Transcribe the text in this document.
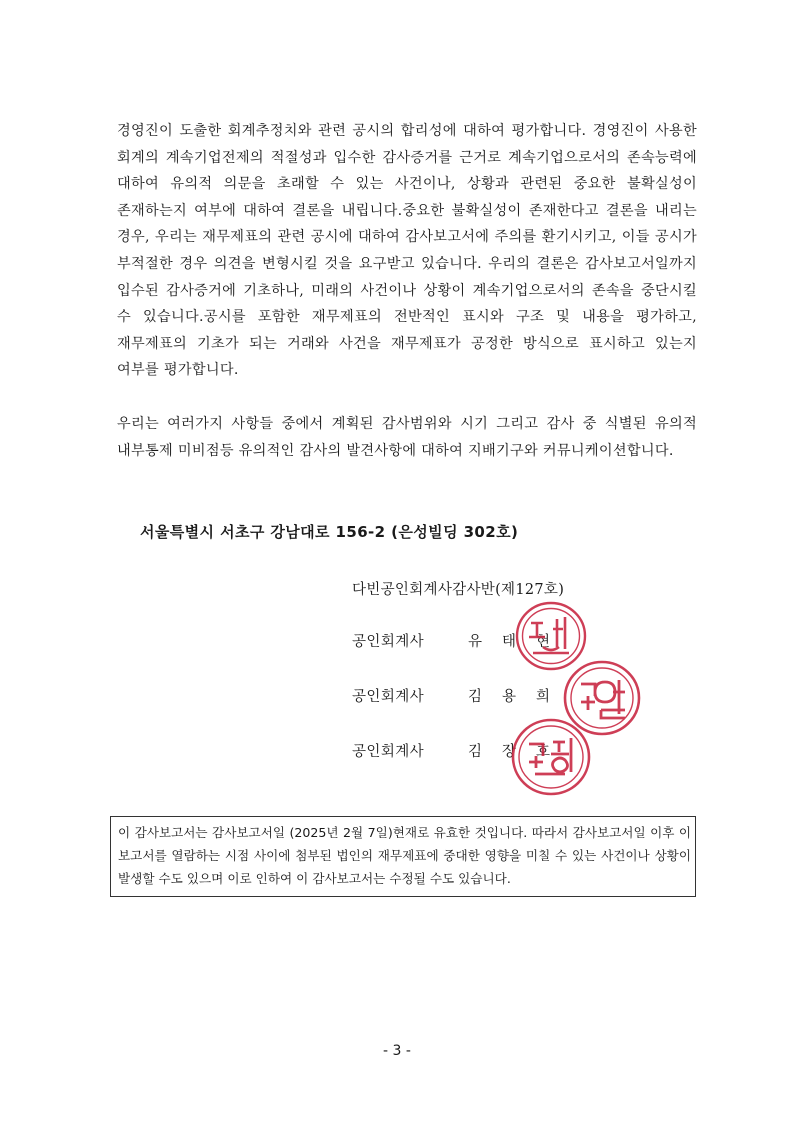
경영진이 도출한 회계추정치와 관련 공시의 합리성에 대하여 평가합니다. 경영진이 사용한 회계의 계속기업전제의 적절성과 입수한 감사증거를 근거로 계속기업으로서의 존속능력에 대하여 유의적 의문을 초래할 수 있는 사건이나, 상황과 관련된 중요한 불확실성이 존재하는지 여부에 대하여 결론을 내립니다.중요한 불확실성이 존재한다고 결론을 내리는 경우, 우리는 재무제표의 관련 공시에 대하여 감사보고서에 주의를 환기시키고, 이들 공시가 부적절한 경우 의견을 변형시킬 것을 요구받고 있습니다. 우리의 결론은 감사보고서일까지 입수된 감사증거에 기초하나, 미래의 사건이나 상황이 계속기업으로서의 존속을 중단시킬 수 있습니다.공시를 포함한 재무제표의 전반적인 표시와 구조 및 내용을 평가하고, 재무제표의 기초가 되는 거래와 사건을 재무제표가 공정한 방식으로 표시하고 있는지 여부를 평가합니다.

우리는 여러가지 사항들 중에서 계획된 감사범위와 시기 그리고 감사 중 식별된 유의적 내부통제 미비점등 유의적인 감사의 발견사항에 대하여 지배기구와 커뮤니케이션합니다.

서울특별시 서초구 강남대로 156-2 (은성빌딩 302호)
다빈공인회계사감사반(제127호)
공인회계사	유 태 현
공인회계사	김 용 희
공인회계사	김 장 호
이 감사보고서는 감사보고서일 (2025년 2월 7일)현재로 유효한 것입니다. 따라서 감사보고서일 이후 이 보고서를 열람하는 시점 사이에 첨부된 법인의 재무제표에 중대한 영향을 미칠 수 있는 사건이나 상황이 발생할 수도 있으며 이로 인하여 이 감사보고서는 수정될 수도 있습니다.
- 3 -
